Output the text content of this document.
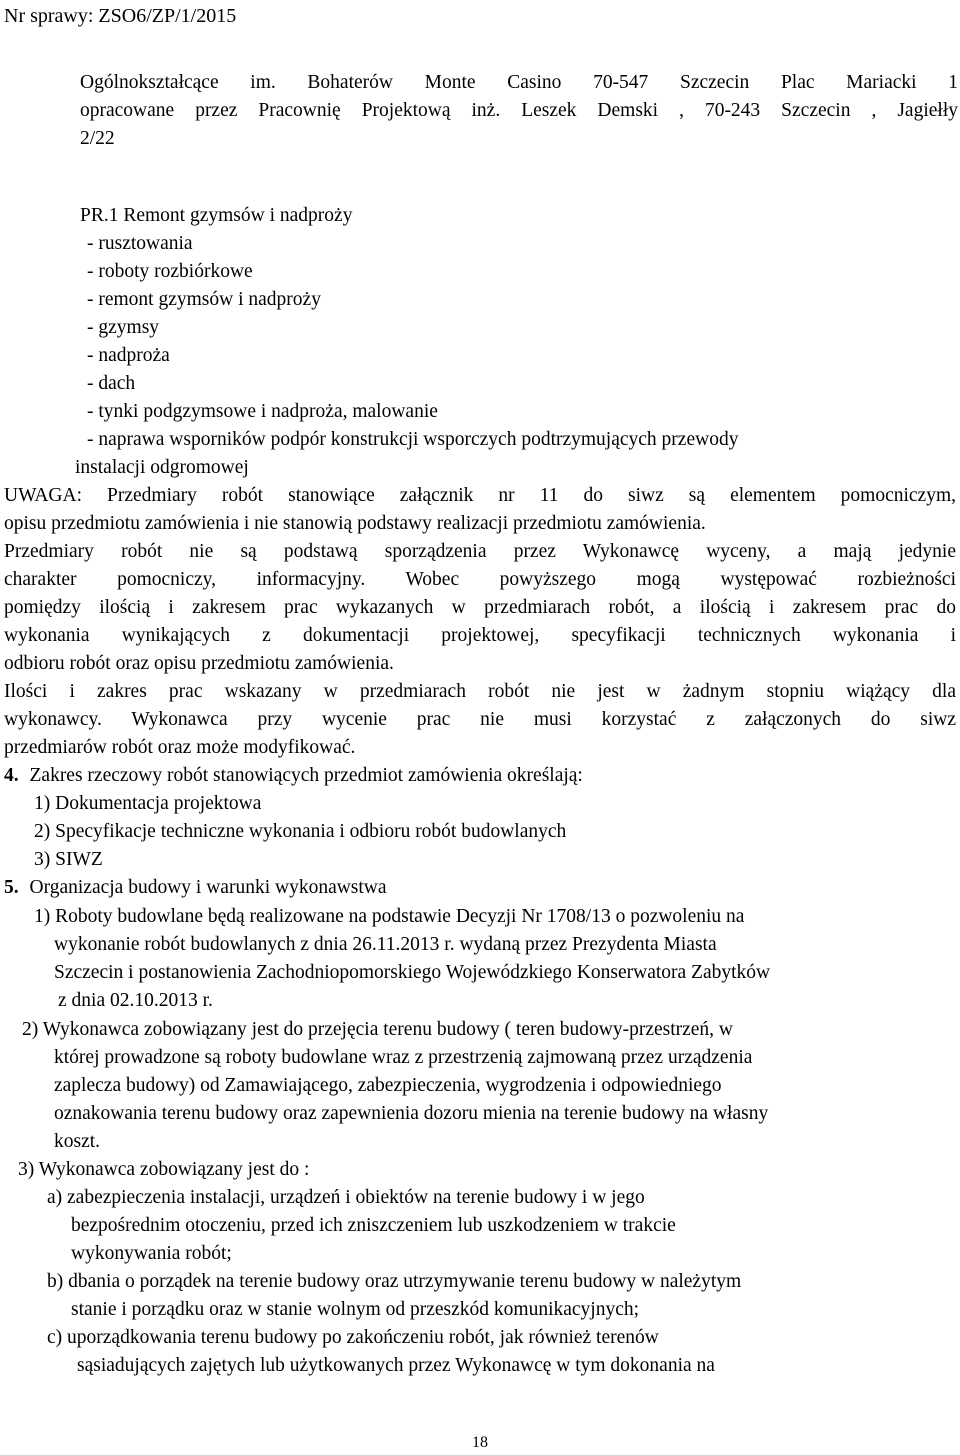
Nr sprawy: ZSO6/ZP/1/2015
Ogólnokształcące im. Bohaterów Monte Casino 70-547 Szczecin Plac Mariacki 1
opracowane przez Pracownię Projektową inż. Leszek Demski , 70-243 Szczecin , Jagiełły
2/22
PR.1 Remont gzymsów i nadproży
- rusztowania
- roboty rozbiórkowe
- remont gzymsów i nadproży
- gzymsy
- nadproża
- dach
- tynki podgzymsowe i nadproża, malowanie
- naprawa wsporników podpór konstrukcji wsporczych podtrzymujących przewody
instalacji odgromowej
UWAGA: Przedmiary robót stanowiące załącznik nr 11 do siwz są elementem pomocniczym,
opisu przedmiotu zamówienia i nie stanowią podstawy realizacji przedmiotu zamówienia.
Przedmiary robót nie są podstawą sporządzenia przez Wykonawcę wyceny, a mają jedynie
charakter pomocniczy, informacyjny. Wobec powyższego mogą występować rozbieżności
pomiędzy ilością i zakresem prac wykazanych w przedmiarach robót, a ilością i zakresem prac do
wykonania wynikających z dokumentacji projektowej, specyfikacji technicznych wykonania i
odbioru robót oraz opisu przedmiotu zamówienia.
Ilości i zakres prac wskazany w przedmiarach robót nie jest w żadnym stopniu wiążący dla
wykonawcy. Wykonawca przy wycenie prac nie musi korzystać z załączonych do siwz
przedmiarów robót oraz może modyfikować.
4. Zakres rzeczowy robót stanowiących przedmiot zamówienia określają:
1) Dokumentacja projektowa
2) Specyfikacje techniczne wykonania i odbioru robót budowlanych
3) SIWZ
5. Organizacja budowy i warunki wykonawstwa
1) Roboty budowlane będą realizowane na podstawie Decyzji Nr 1708/13 o pozwoleniu na
wykonanie robót budowlanych z dnia 26.11.2013 r. wydaną przez Prezydenta Miasta
Szczecin i postanowienia Zachodniopomorskiego Wojewódzkiego Konserwatora Zabytków
z dnia 02.10.2013 r.
2) Wykonawca zobowiązany jest do przejęcia terenu budowy ( teren budowy-przestrzeń, w
której prowadzone są roboty budowlane wraz z przestrzenią zajmowaną przez urządzenia
zaplecza budowy) od Zamawiającego, zabezpieczenia, wygrodzenia i odpowiedniego
oznakowania terenu budowy oraz zapewnienia dozoru mienia na terenie budowy na własny
koszt.
3) Wykonawca zobowiązany jest do :
a) zabezpieczenia instalacji, urządzeń i obiektów na terenie budowy i w jego
bezpośrednim otoczeniu, przed ich zniszczeniem lub uszkodzeniem w trakcie
wykonywania robót;
b) dbania o porządek na terenie budowy oraz utrzymywanie terenu budowy w należytym
stanie i porządku oraz w stanie wolnym od przeszkód komunikacyjnych;
c) uporządkowania terenu budowy po zakończeniu robót, jak również terenów
sąsiadujących zajętych lub użytkowanych przez Wykonawcę w tym dokonania na
18
